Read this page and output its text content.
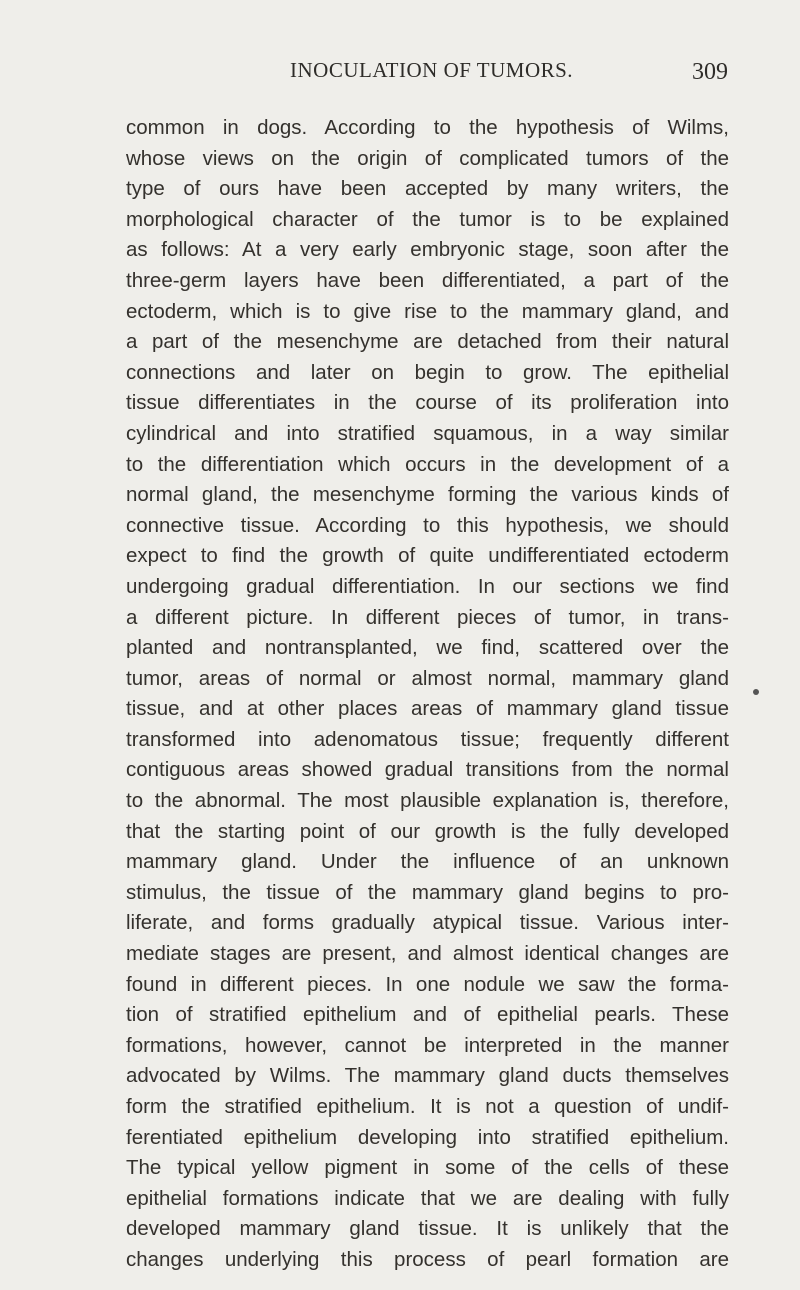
INOCULATION OF TUMORS.	309
common in dogs. According to the hypothesis of Wilms,
whose views on the origin of complicated tumors of the
type of ours have been accepted by many writers, the
morphological character of the tumor is to be explained
as follows: At a very early embryonic stage, soon after the
three-germ layers have been differentiated, a part of the
ectoderm, which is to give rise to the mammary gland, and
a part of the mesenchyme are detached from their natural
connections and later on begin to grow. The epithelial
tissue differentiates in the course of its proliferation into
cylindrical and into stratified squamous, in a way similar
to the differentiation which occurs in the development of a
normal gland, the mesenchyme forming the various kinds of
connective tissue. According to this hypothesis, we should
expect to find the growth of quite undifferentiated ectoderm
undergoing gradual differentiation. In our sections we find
a different picture. In different pieces of tumor, in trans-
planted and nontransplanted, we find, scattered over the
tumor, areas of normal or almost normal, mammary gland
tissue, and at other places areas of mammary gland tissue
transformed into adenomatous tissue; frequently different
contiguous areas showed gradual transitions from the normal
to the abnormal. The most plausible explanation is, therefore,
that the starting point of our growth is the fully developed
mammary gland. Under the influence of an unknown
stimulus, the tissue of the mammary gland begins to pro-
liferate, and forms gradually atypical tissue. Various inter-
mediate stages are present, and almost identical changes are
found in different pieces. In one nodule we saw the forma-
tion of stratified epithelium and of epithelial pearls. These
formations, however, cannot be interpreted in the manner
advocated by Wilms. The mammary gland ducts themselves
form the stratified epithelium. It is not a question of undif-
ferentiated epithelium developing into stratified epithelium.
The typical yellow pigment in some of the cells of these
epithelial formations indicate that we are dealing with fully
developed mammary gland tissue. It is unlikely that the
changes underlying this process of pearl formation are
